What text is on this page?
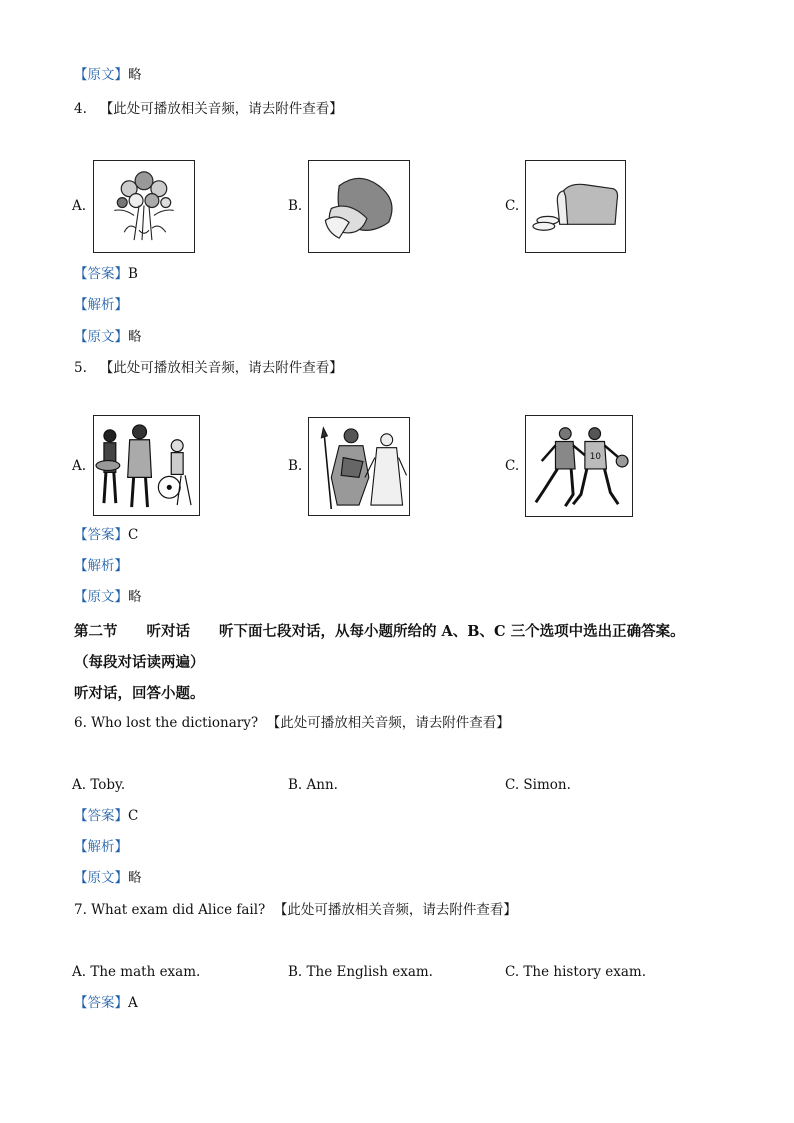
【原文】略
4. 【此处可播放相关音频，请去附件查看】
A.	B.	C.
【答案】B
【解析】
【原文】略
5. 【此处可播放相关音频，请去附件查看】
A.	B.	C.
10
【答案】C
【解析】
【原文】略
第二节　　听对话　　听下面七段对话，从每小题所给的 A、B、C 三个选项中选出正确答案。
（每段对话读两遍）
听对话，回答小题。
6. Who lost the dictionary? 【此处可播放相关音频，请去附件查看】
A. Toby.	B. Ann.	C. Simon.
【答案】C
【解析】
【原文】略
7. What exam did Alice fail? 【此处可播放相关音频，请去附件查看】
A. The math exam.	B. The English exam.	C. The history exam.
【答案】A
